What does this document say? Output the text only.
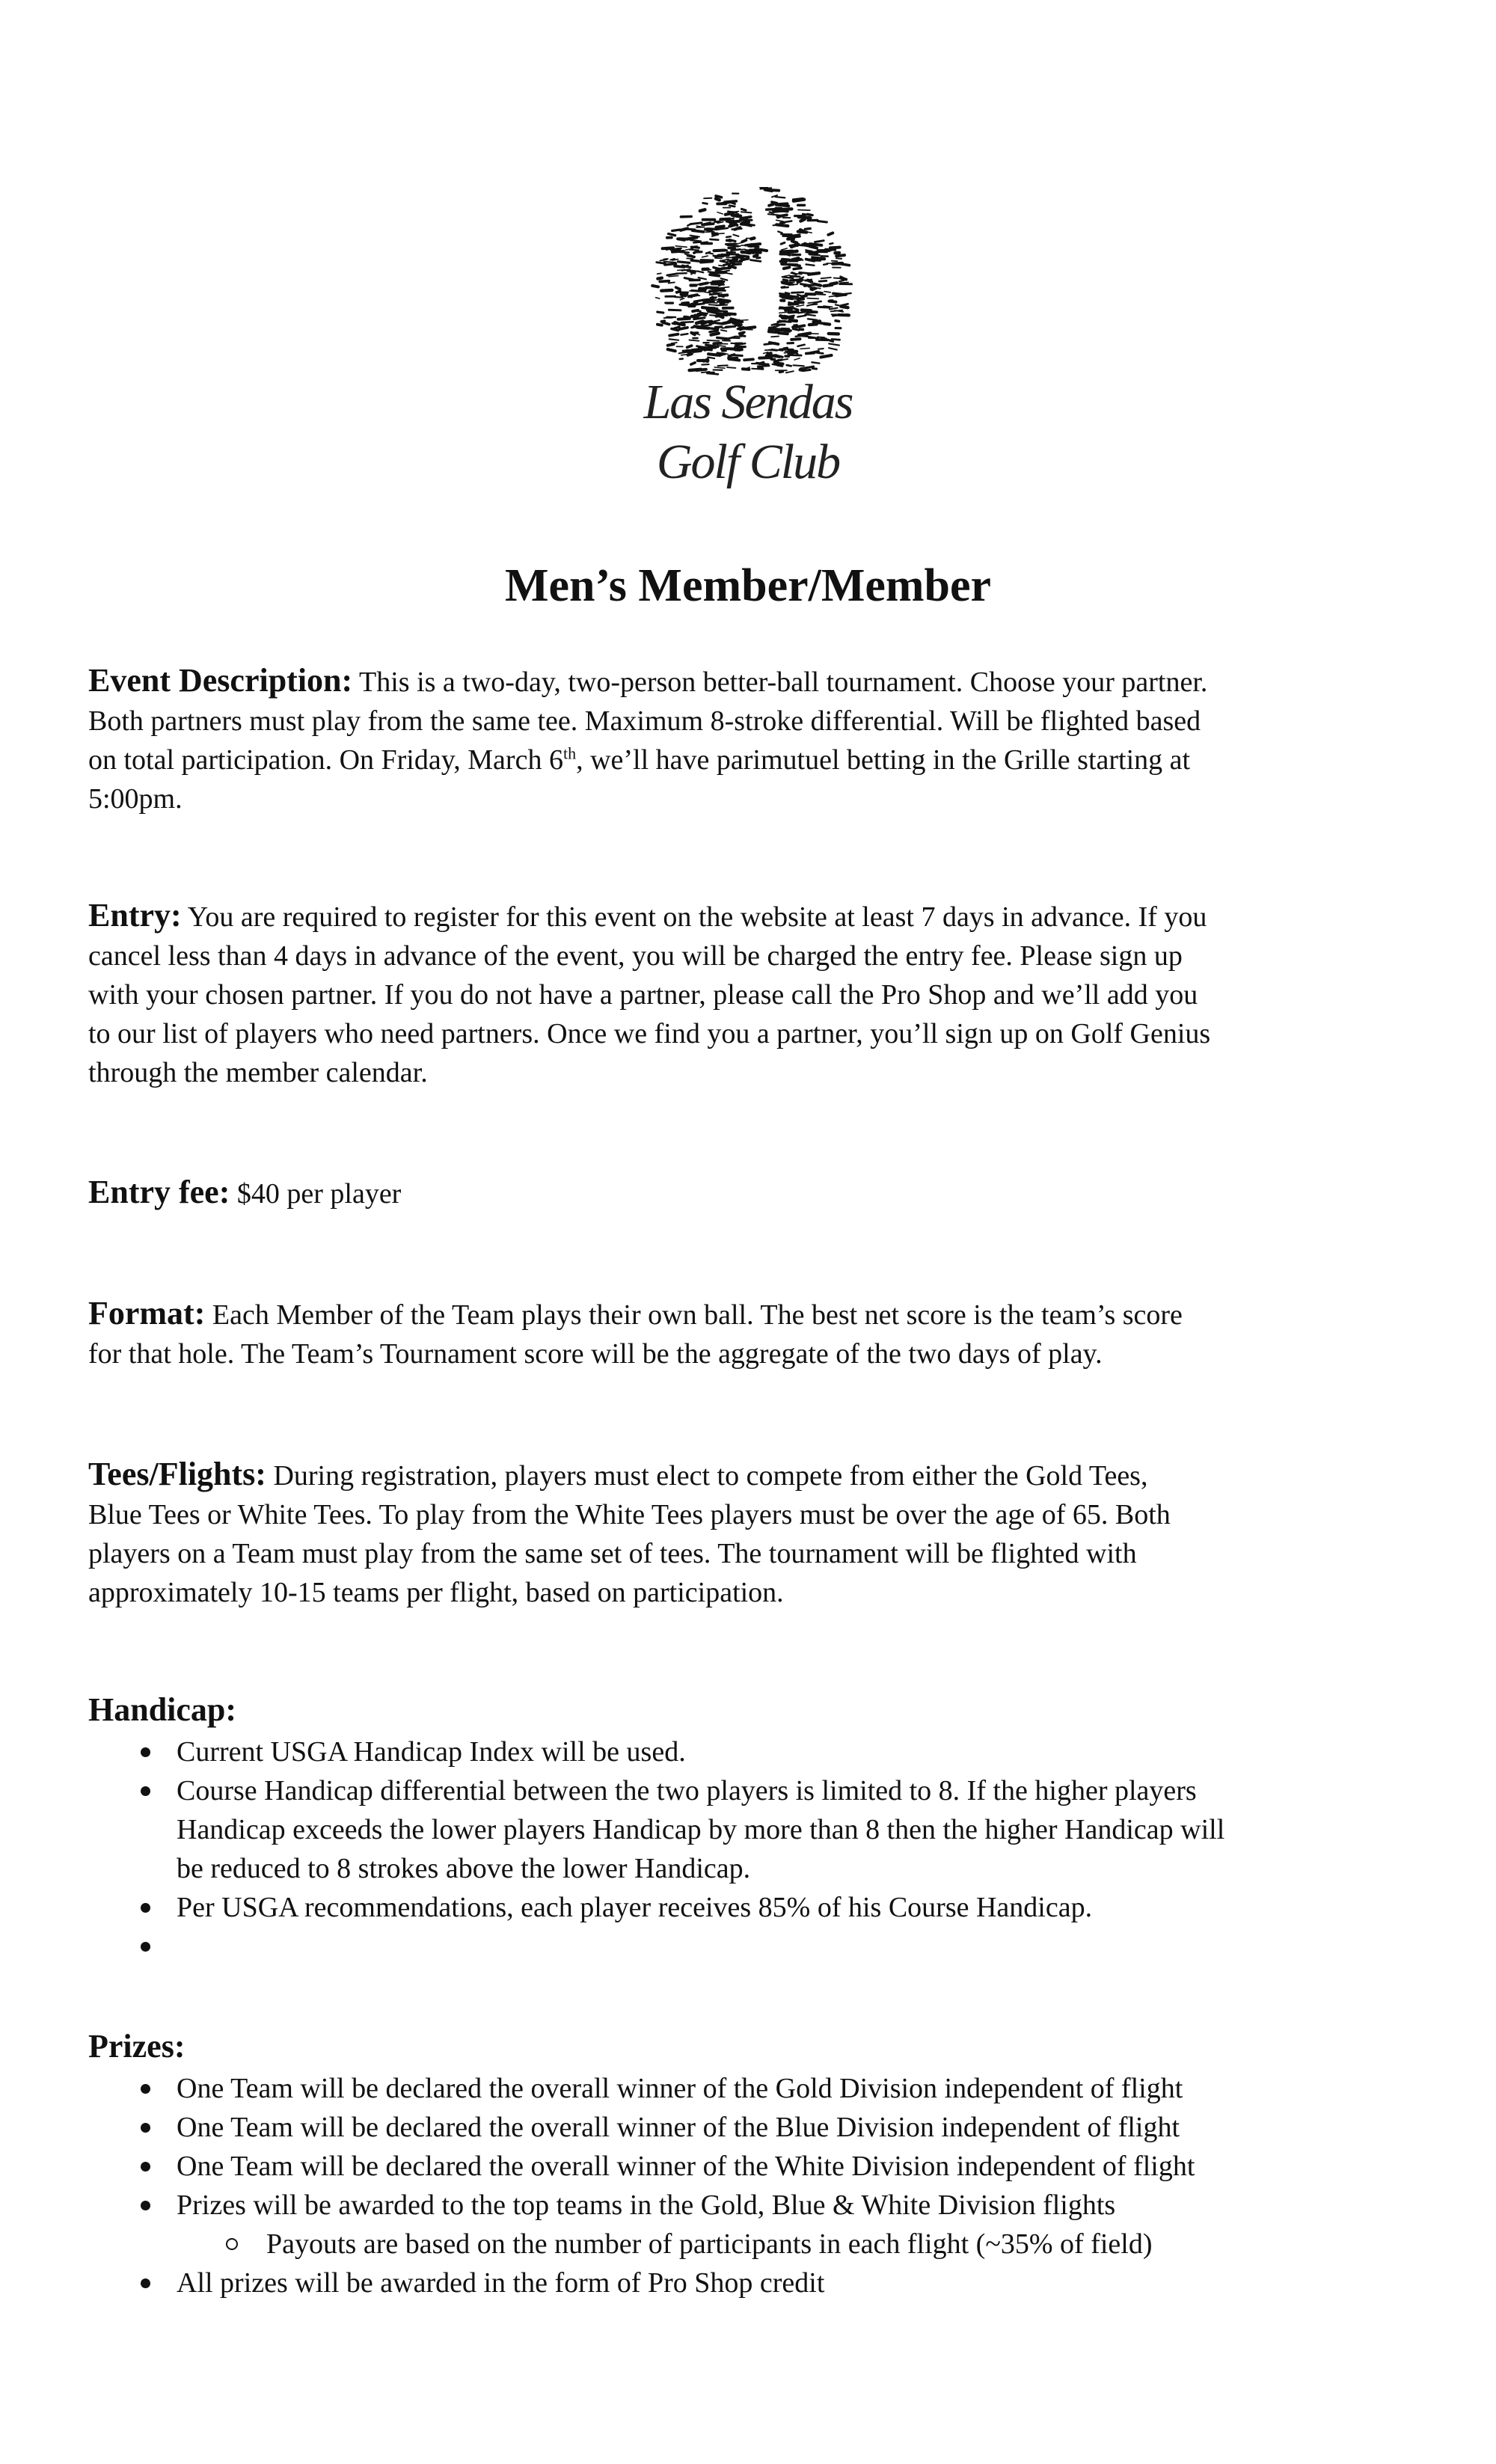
Las Sendas
Golf Club
Men’s Member/Member
Event Description: This is a two-day, two-person better-ball tournament. Choose your partner.
Both partners must play from the same tee. Maximum 8-stroke differential. Will be flighted based
on total participation. On Friday, March 6th, we’ll have parimutuel betting in the Grille starting at
5:00pm.
Entry: You are required to register for this event on the website at least 7 days in advance. If you
cancel less than 4 days in advance of the event, you will be charged the entry fee. Please sign up
with your chosen partner. If you do not have a partner, please call the Pro Shop and we’ll add you
to our list of players who need partners. Once we find you a partner, you’ll sign up on Golf Genius
through the member calendar.
Entry fee: $40 per player
Format: Each Member of the Team plays their own ball. The best net score is the team’s score
for that hole. The Team’s Tournament score will be the aggregate of the two days of play.
Tees/Flights: During registration, players must elect to compete from either the Gold Tees,
Blue Tees or White Tees. To play from the White Tees players must be over the age of 65. Both
players on a Team must play from the same set of tees. The tournament will be flighted with
approximately 10-15 teams per flight, based on participation.
Handicap:
Current USGA Handicap Index will be used.
Course Handicap differential between the two players is limited to 8. If the higher players
Handicap exceeds the lower players Handicap by more than 8 then the higher Handicap will
be reduced to 8 strokes above the lower Handicap.
Per USGA recommendations, each player receives 85% of his Course Handicap.

Prizes:
One Team will be declared the overall winner of the Gold Division independent of flight
One Team will be declared the overall winner of the Blue Division independent of flight
One Team will be declared the overall winner of the White Division independent of flight
Prizes will be awarded to the top teams in the Gold, Blue & White Division flights
Payouts are based on the number of participants in each flight (~35% of field)
All prizes will be awarded in the form of Pro Shop credit
